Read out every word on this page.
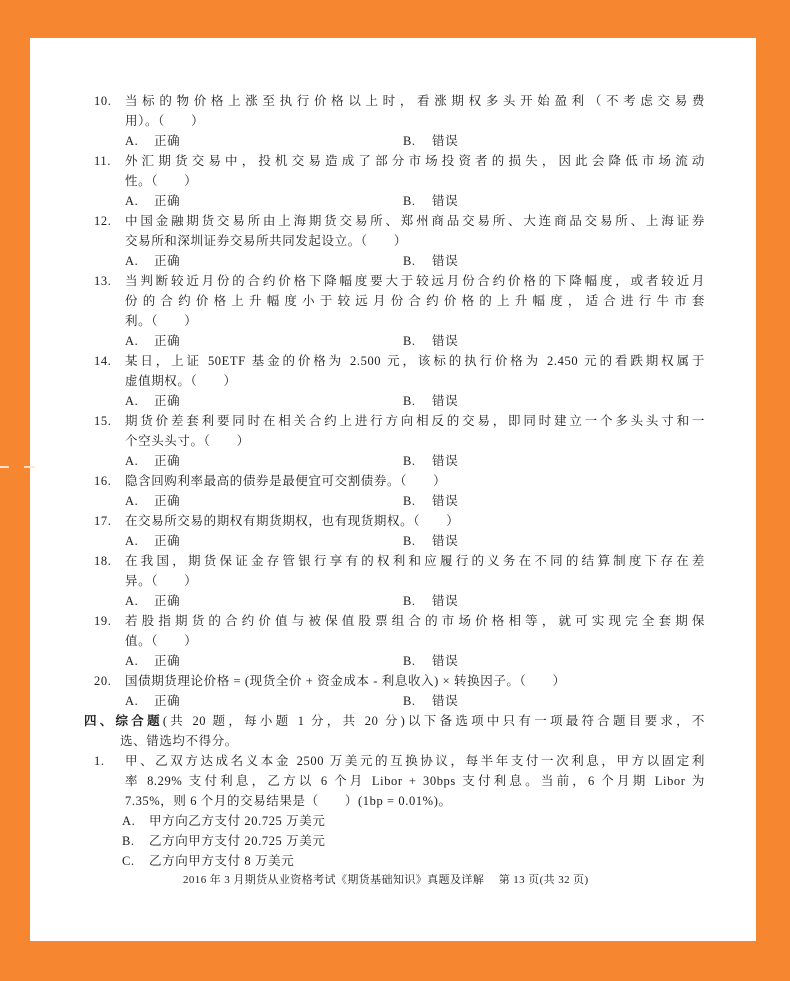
10. 当标的物价格上涨至执行价格以上时，看涨期权多头开始盈利（不考虑交易费
用）。（　　）
A. 正确	B. 错误
11. 外汇期货交易中，投机交易造成了部分市场投资者的损失，因此会降低市场流动
性。（　　）
A. 正确	B. 错误
12. 中国金融期货交易所由上海期货交易所、郑州商品交易所、大连商品交易所、上海证券
交易所和深圳证券交易所共同发起设立。（　　）
A. 正确	B. 错误
13. 当判断较近月份的合约价格下降幅度要大于较远月份合约价格的下降幅度，或者较近月
份的合约价格上升幅度小于较远月份合约价格的上升幅度，适合进行牛市套
利。（　　）
A. 正确	B. 错误
14. 某日，上证 50ETF 基金的价格为 2.500 元，该标的执行价格为 2.450 元的看跌期权属于
虚值期权。（　　）
A. 正确	B. 错误
15. 期货价差套利要同时在相关合约上进行方向相反的交易，即同时建立一个多头头寸和一
个空头头寸。（　　）
A. 正确	B. 错误
16. 隐含回购利率最高的债券是最便宜可交割债券。（　　）
A. 正确	B. 错误
17. 在交易所交易的期权有期货期权，也有现货期权。（　　）
A. 正确	B. 错误
18. 在我国，期货保证金存管银行享有的权利和应履行的义务在不同的结算制度下存在差
异。（　　）
A. 正确	B. 错误
19. 若股指期货的合约价值与被保值股票组合的市场价格相等，就可实现完全套期保
值。（　　）
A. 正确	B. 错误
20. 国债期货理论价格 = (现货全价 + 资金成本 - 利息收入) × 转换因子。（　　）
A. 正确	B. 错误
四、综合题(共 20 题，每小题 1 分，共 20 分)以下备选项中只有一项最符合题目要求，不
选、错选均不得分。
1. 甲、乙双方达成名义本金 2500 万美元的互换协议，每半年支付一次利息，甲方以固定利
率 8.29% 支付利息，乙方以 6 个月 Libor + 30bps 支付利息。当前，6 个月期 Libor 为
7.35%，则 6 个月的交易结果是（　　）(1bp = 0.01%)。
A. 甲方向乙方支付 20.725 万美元
B. 乙方向甲方支付 20.725 万美元
C. 乙方向甲方支付 8 万美元
2016 年 3 月期货从业资格考试《期货基础知识》真题及详解　 第 13 页(共 32 页)
